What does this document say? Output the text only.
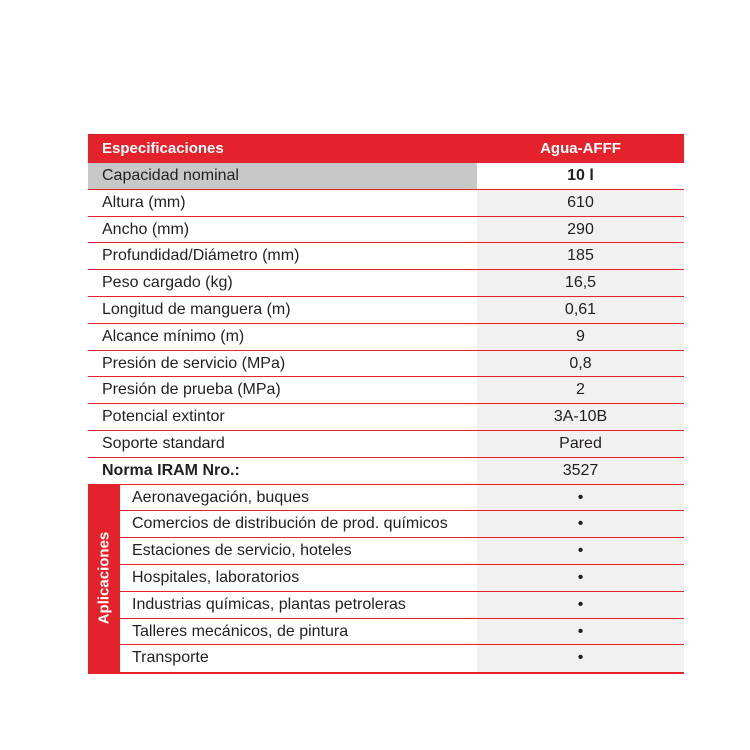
Especificaciones	Agua-AFFF
Capacidad nominal	10 l
Altura (mm)	610
Ancho (mm)	290
Profundidad/Diámetro (mm)	185
Peso cargado (kg)	16,5
Longitud de manguera (m)	0,61
Alcance mínimo (m)	9
Presión de servicio (MPa)	0,8
Presión de prueba (MPa)	2
Potencial extintor	3A-10B
Soporte standard	Pared
Norma IRAM Nro.:	3527
Aplicaciones
Aeronavegación, buques	•
Comercios de distribución de prod. químicos	•
Estaciones de servicio, hoteles	•
Hospitales, laboratorios	•
Industrias químicas, plantas petroleras	•
Talleres mecánicos, de pintura	•
Transporte	•
